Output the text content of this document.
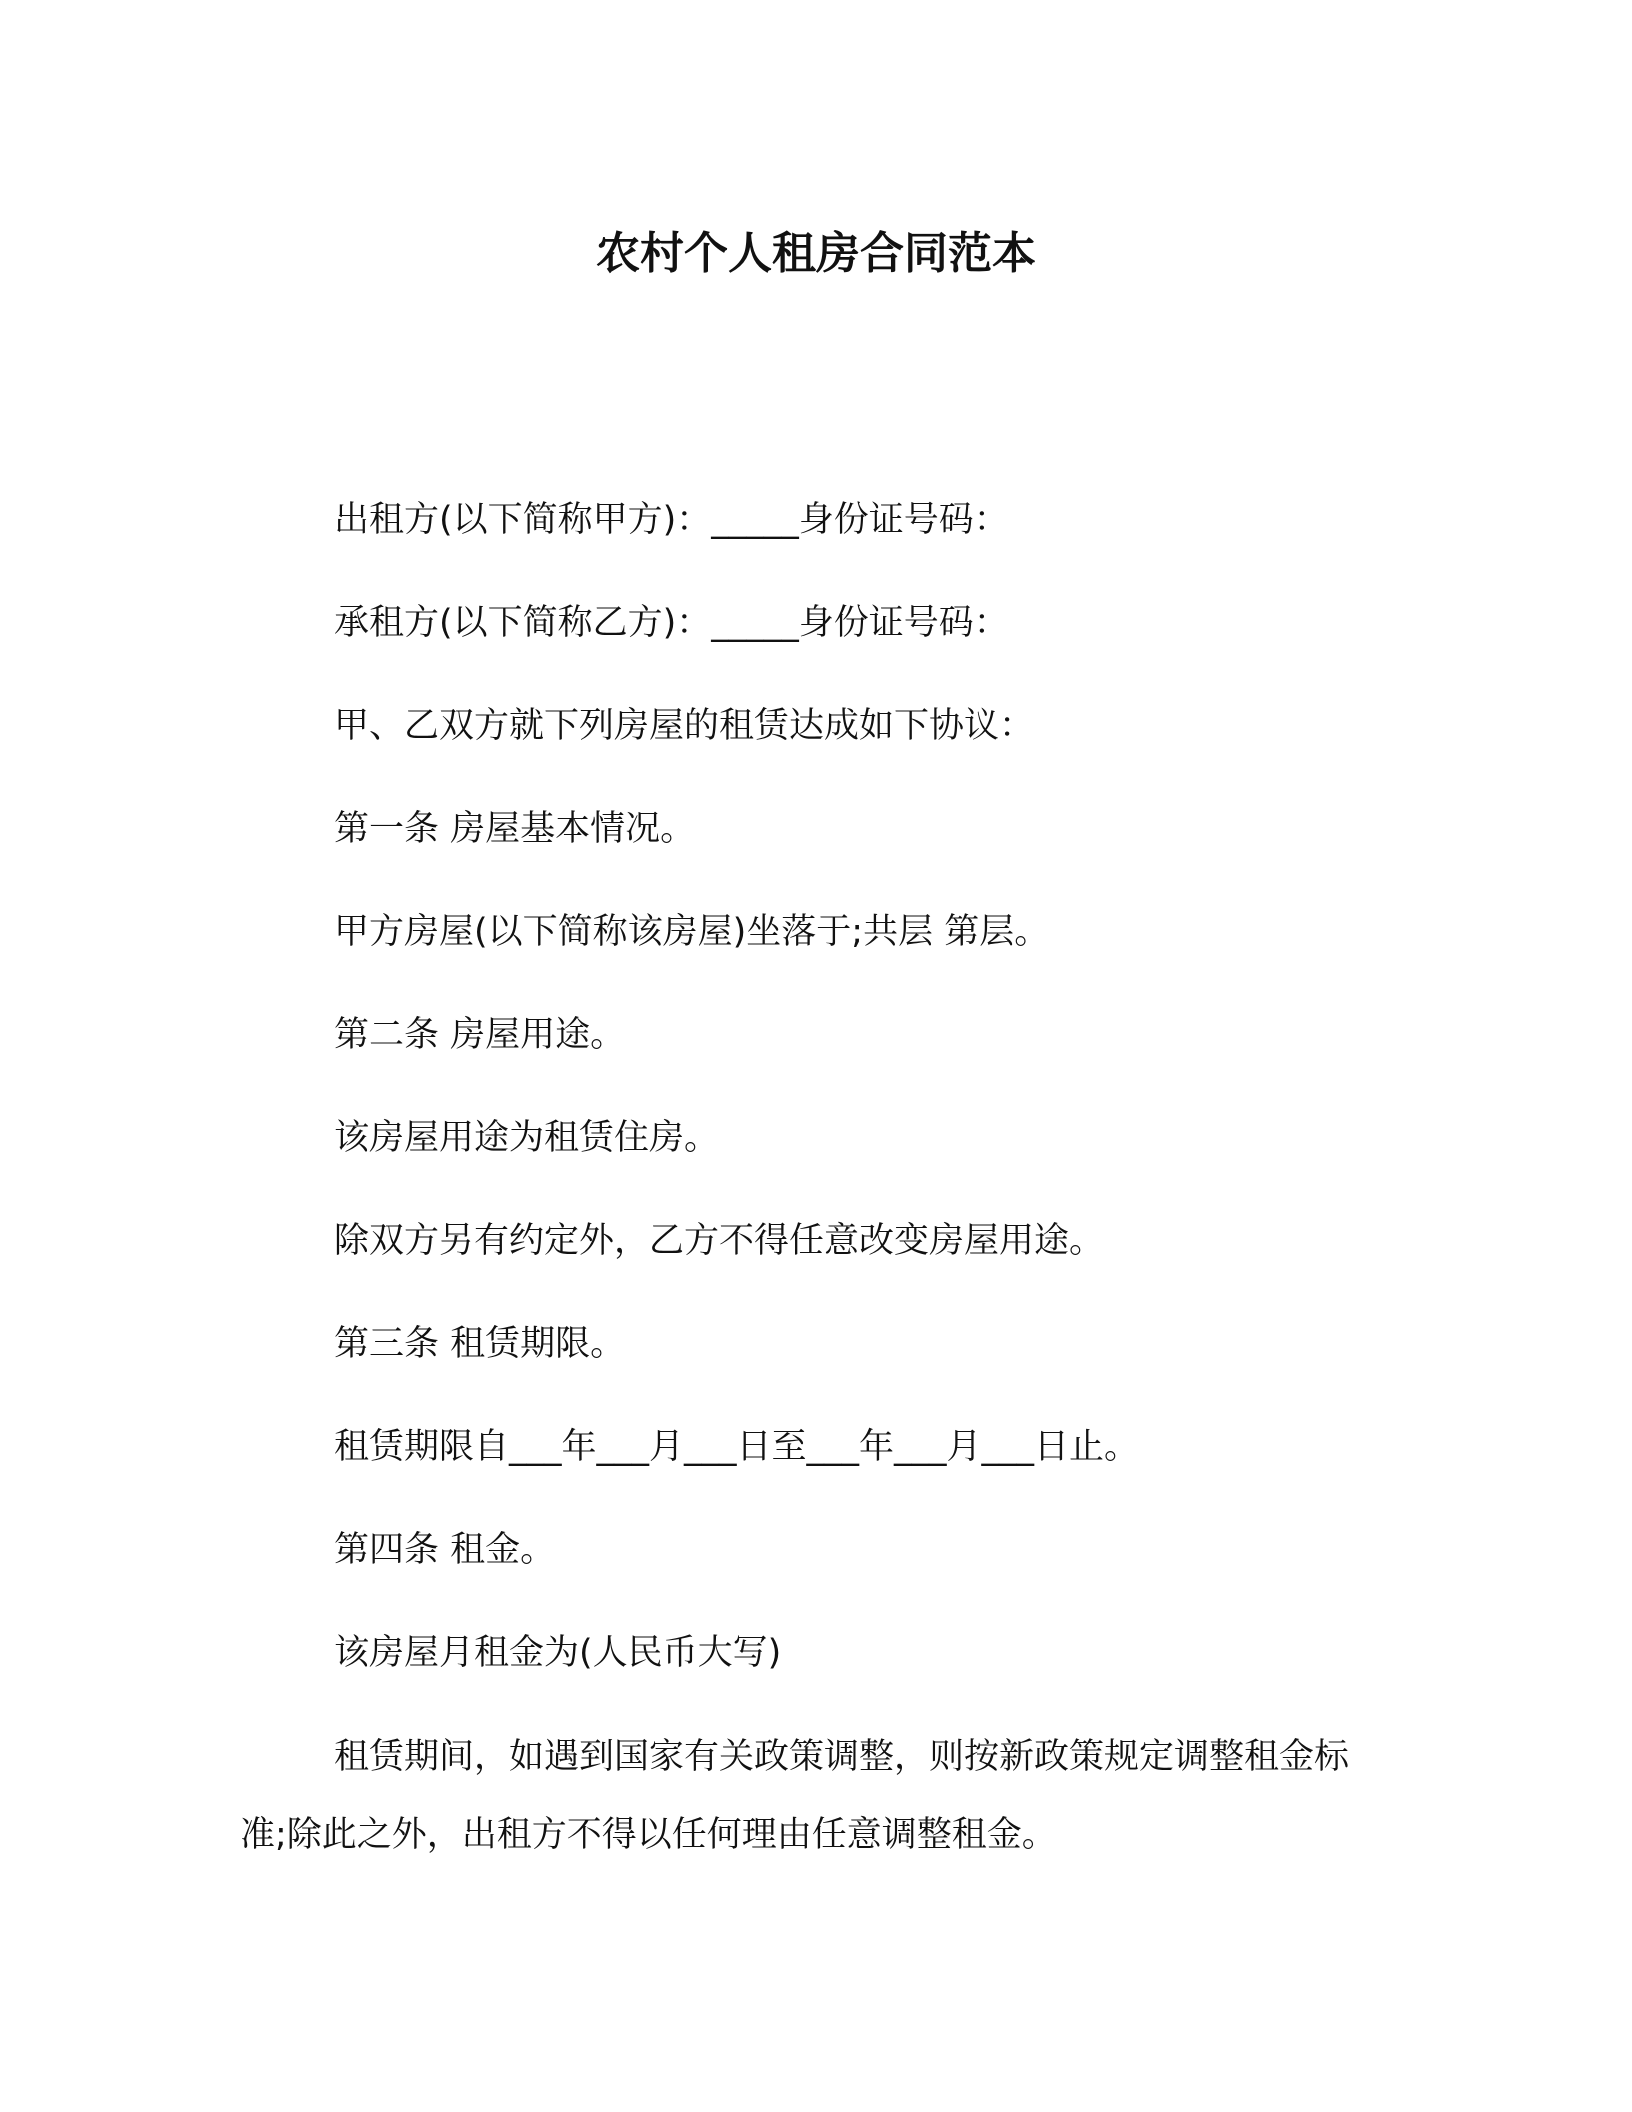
农村个人租房合同范本
出租方(以下简称甲方)：_____身份证号码：
承租方(以下简称乙方)：_____身份证号码：
甲、乙双方就下列房屋的租赁达成如下协议：
第一条 房屋基本情况。
甲方房屋(以下简称该房屋)坐落于;共层 第层。
第二条 房屋用途。
该房屋用途为租赁住房。
除双方另有约定外，乙方不得任意改变房屋用途。
第三条 租赁期限。
租赁期限自___年___月___日至___年___月___日止。
第四条 租金。
该房屋月租金为(人民币大写)
租赁期间，如遇到国家有关政策调整，则按新政策规定调整租金标准;除此之外，出租方不得以任何理由任意调整租金。
